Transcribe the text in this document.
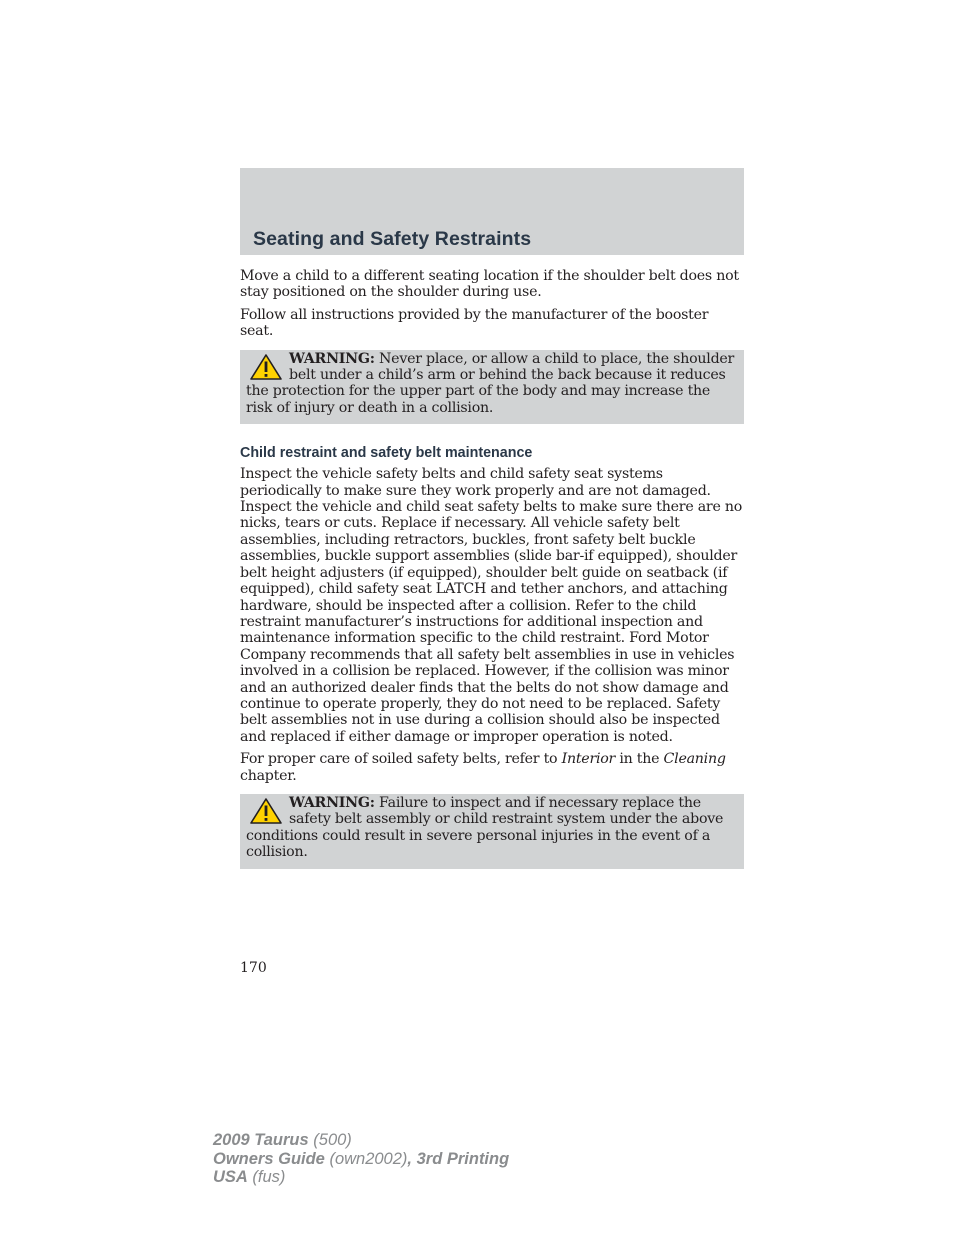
Seating and Safety Restraints

Move a child to a different seating location if the shoulder belt does not stay positioned on the shoulder during use.

Follow all instructions provided by the manufacturer of the booster seat.

WARNING: Never place, or allow a child to place, the shoulder belt under a child’s arm or behind the back because it reduces the protection for the upper part of the body and may increase the risk of injury or death in a collision.
Child restraint and safety belt maintenance

Inspect the vehicle safety belts and child safety seat systems periodically to make sure they work properly and are not damaged. Inspect the vehicle and child seat safety belts to make sure there are no nicks, tears or cuts. Replace if necessary. All vehicle safety belt assemblies, including retractors, buckles, front safety belt buckle assemblies, buckle support assemblies (slide bar-if equipped), shoulder belt height adjusters (if equipped), shoulder belt guide on seatback (if equipped), child safety seat LATCH and tether anchors, and attaching hardware, should be inspected after a collision. Refer to the child restraint manufacturer’s instructions for additional inspection and maintenance information specific to the child restraint. Ford Motor Company recommends that all safety belt assemblies in use in vehicles involved in a collision be replaced. However, if the collision was minor and an authorized dealer finds that the belts do not show damage and continue to operate properly, they do not need to be replaced. Safety belt assemblies not in use during a collision should also be inspected and replaced if either damage or improper operation is noted.

For proper care of soiled safety belts, refer to Interior in the Cleaning chapter.

WARNING: Failure to inspect and if necessary replace the safety belt assembly or child restraint system under the above conditions could result in severe personal injuries in the event of a collision.
170
2009 Taurus (500)
Owners Guide (own2002), 3rd Printing
USA (fus)
